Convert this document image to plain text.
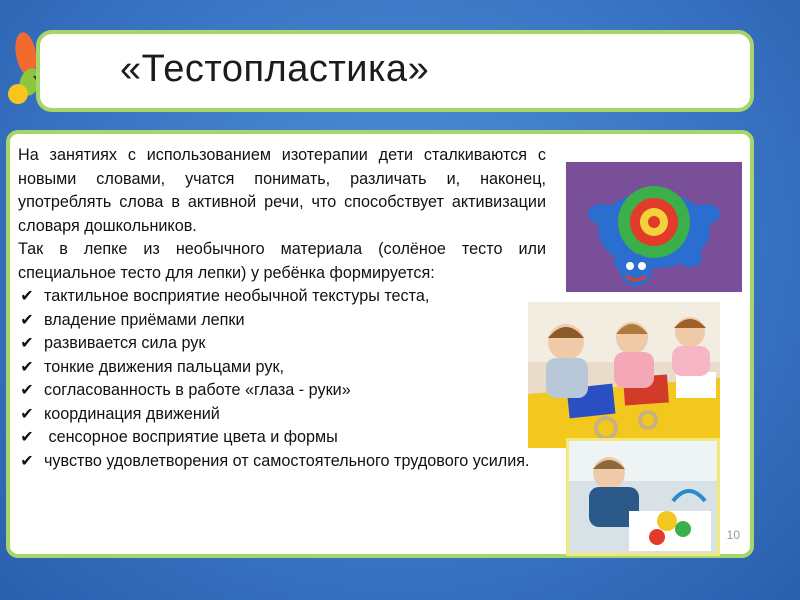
«Тестопластика»

На занятиях с использованием изотерапии дети сталкиваются с новыми словами, учатся понимать, различать и, наконец, употреблять слова в активной речи, что способствует активизации словаря дошкольников.

Так в лепке из необычного материала (солёное тесто или специальное тесто для лепки) у ребёнка формируется:

✔ тактильное восприятие необычной текстуры теста,
✔ владение приёмами лепки
✔ развивается сила рук
✔ тонкие движения пальцами рук,
✔ согласованность в работе «глаза - руки»
✔ координация движений
✔ сенсорное восприятие цвета и формы
✔ чувство удовлетворения от самостоятельного трудового усилия.
10
